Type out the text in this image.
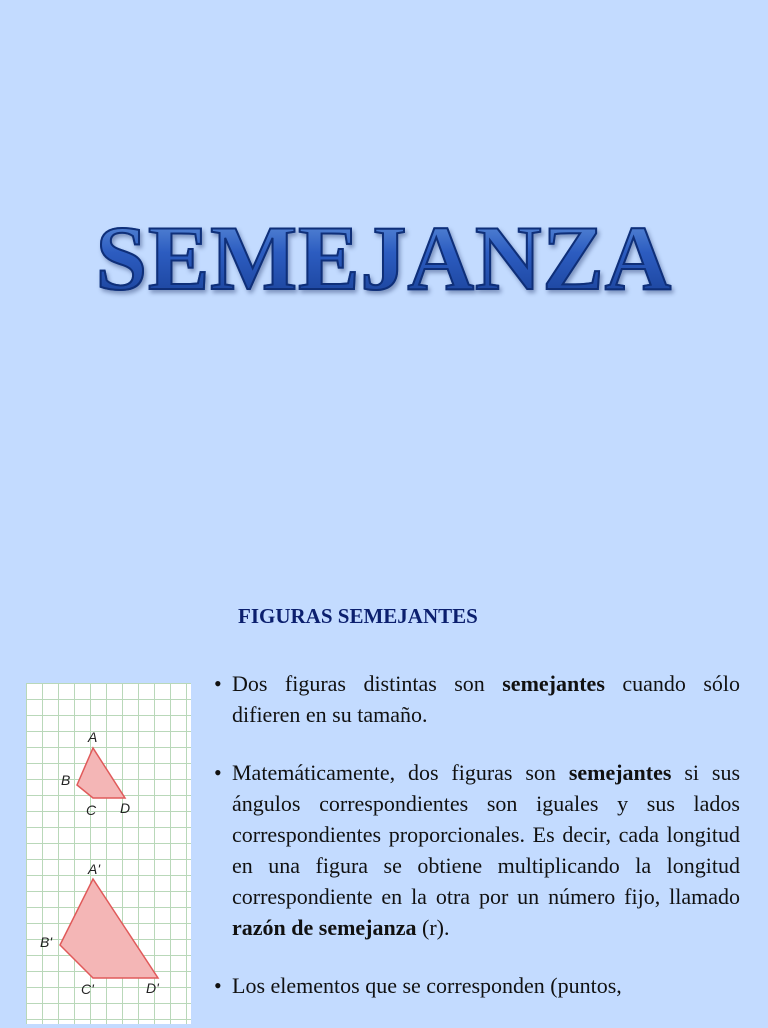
SEMEJANZA
FIGURAS SEMEJANTES
A
B
C D
A'
B'
C'	D'
• Dos figuras distintas son semejantes cuando sólo difieren en su tamaño.
• Matemáticamente, dos figuras son semejantes si sus ángulos correspondientes son iguales y sus lados correspondientes proporcionales. Es decir, cada longitud en una figura se obtiene multiplicando la longitud correspondiente en la otra por un número fijo, llamado razón de semejanza (r).
• Los elementos que se corresponden (puntos,
